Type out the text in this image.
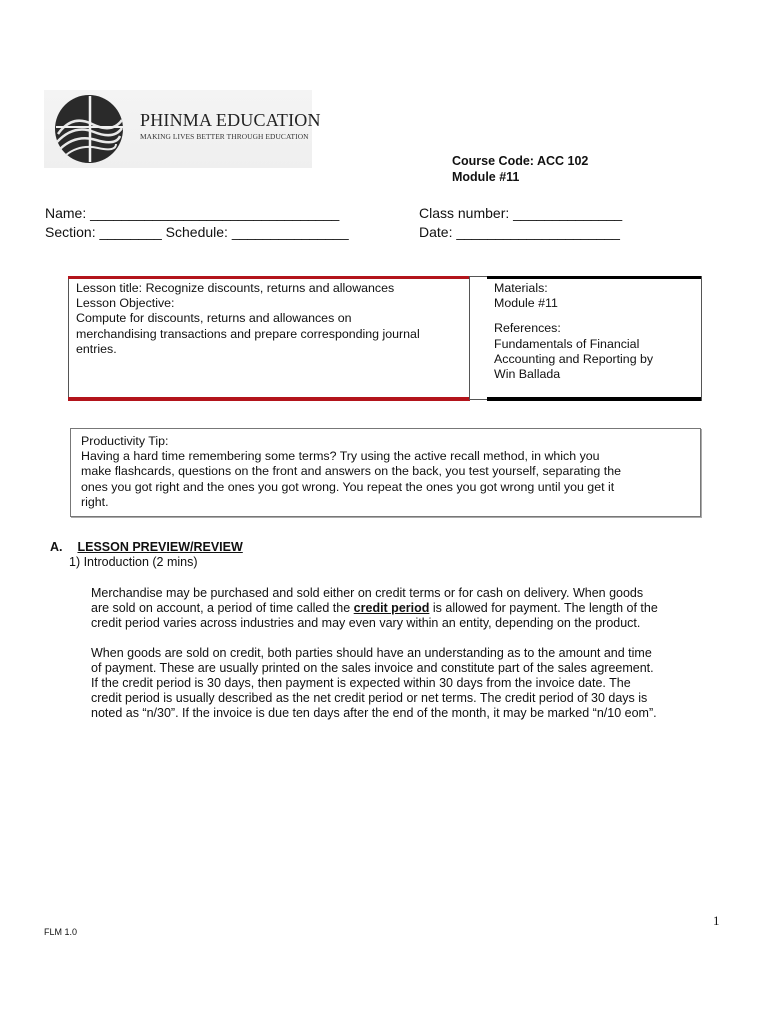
PHINMA EDUCATION
MAKING LIVES BETTER THROUGH EDUCATION
Course Code: ACC 102
Module #11
Name: ________________________________
Section: ________ Schedule: _______________
Class number: ______________
Date: _____________________
Lesson title: Recognize discounts, returns and allowances
Lesson Objective:
Compute for discounts, returns and allowances on
merchandising transactions and prepare corresponding journal
entries.
Materials:
Module #11
References:
Fundamentals of Financial
Accounting and Reporting by
Win Ballada
Productivity Tip:
Having a hard time remembering some terms? Try using the active recall method, in which you
make flashcards, questions on the front and answers on the back, you test yourself, separating the
ones you got right and the ones you got wrong. You repeat the ones you got wrong until you get it
right.
A. LESSON PREVIEW/REVIEW
1) Introduction (2 mins)
Merchandise may be purchased and sold either on credit terms or for cash on delivery. When goods
are sold on account, a period of time called the credit period is allowed for payment. The length of the
credit period varies across industries and may even vary within an entity, depending on the product.
When goods are sold on credit, both parties should have an understanding as to the amount and time
of payment. These are usually printed on the sales invoice and constitute part of the sales agreement.
If the credit period is 30 days, then payment is expected within 30 days from the invoice date. The
credit period is usually described as the net credit period or net terms. The credit period of 30 days is
noted as “n/30”. If the invoice is due ten days after the end of the month, it may be marked “n/10 eom”.
1
FLM 1.0
